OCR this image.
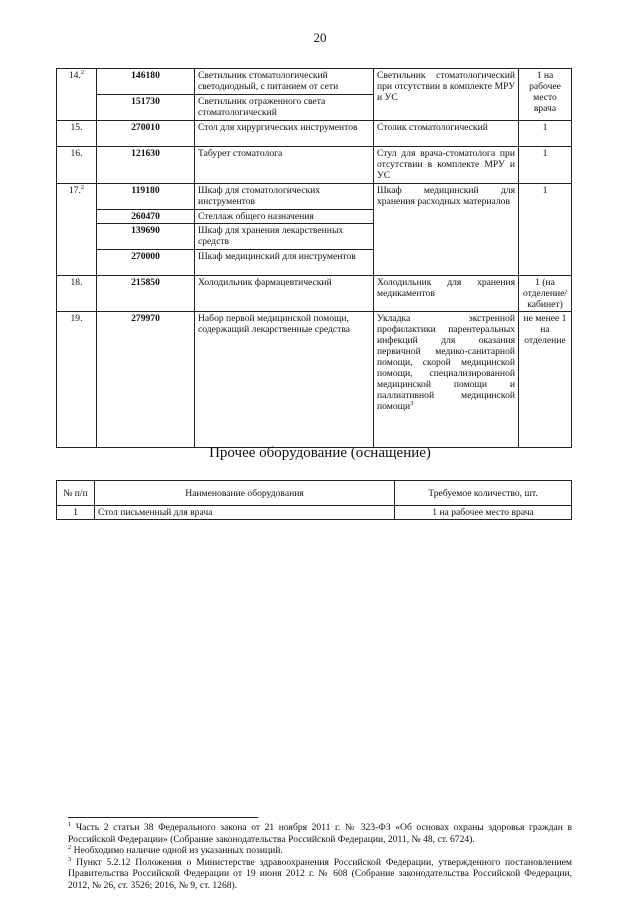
20
14.$^2$	146180	Светильник стоматологический светодиодный, с питанием от сети	Светильник стоматологический при отсутствии в комплекте МРУ и УС	1 на рабочее место врача
	151730	Светильник отраженного света стоматологический		
15.	270010	Стол для хирургических инструментов	Столик стоматологический	1
16.	121630	Табурет стоматолога	Стул для врача-стоматолога при отсутствии в комплекте МРУ и УС	1
17.$^2$	119180	Шкаф для стоматологических инструментов	Шкаф медицинский для хранения расходных материалов	1
	260470	Стеллаж общего назначения		
	139690	Шкаф для хранения лекарственных средств		
	270000	Шкаф медицинский для инструментов		
18.	215850	Холодильник фармацевтический	Холодильник для хранения медикаментов	1 (на отделение/ кабинет)
19.	279970	Набор первой медицинской помощи, содержащий лекарственные средства	Укладка экстренной профилактики парентеральных инфекций для оказания первичной медико-санитарной помощи, скорой медицинской помощи, специализированной медицинской помощи и паллиативной медицинской помощи$^3$	не менее 1 на отделение
Прочее оборудование (оснащение)
№ п/п	Наименование оборудования	Требуемое количество, шт.
1	Стол письменный для врача	1 на рабочее место врача

$^1$ Часть 2 статьи 38 Федерального закона от 21 ноября 2011 г. № 323-ФЗ «Об основах охраны здоровья граждан в Российской Федерации» (Собрание законодательства Российской Федерации, 2011, № 48, ст. 6724).

$^2$ Необходимо наличие одной из указанных позиций.

$^3$ Пункт 5.2.12 Положения о Министерстве здравоохранения Российской Федерации, утвержденного постановлением Правительства Российской Федерации от 19 июня 2012 г. № 608 (Собрание законодательства Российской Федерации, 2012, № 26, ст. 3526; 2016, № 9, ст. 1268).
